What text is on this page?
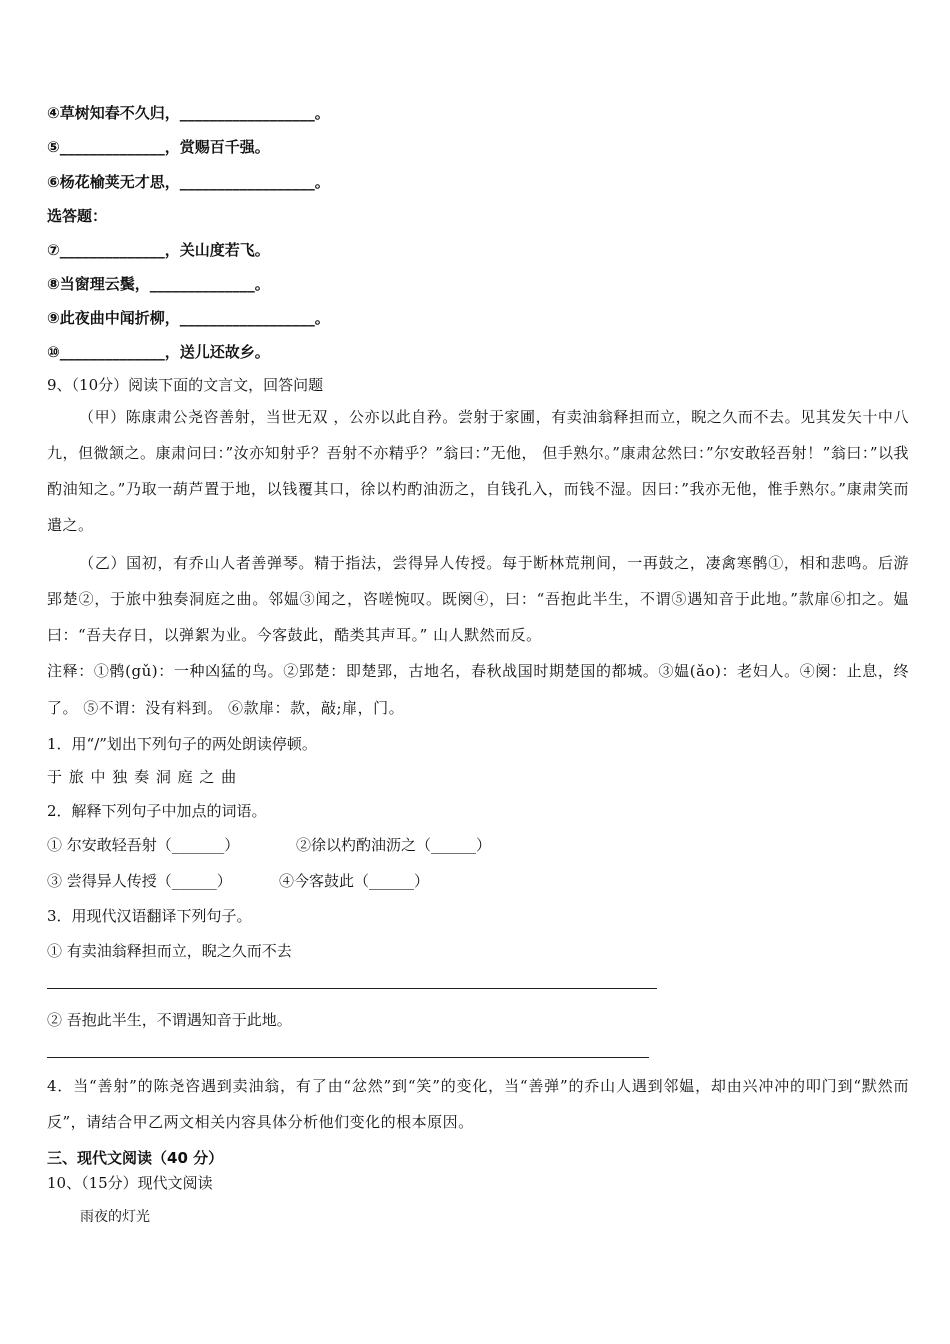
④草树知春不久归，__________________。
⑤______________，赏赐百千强。
⑥杨花榆荚无才思，__________________。
选答题：
⑦______________，关山度若飞。
⑧当窗理云鬓，______________。
⑨此夜曲中闻折柳，__________________。
⑩______________，送儿还故乡。
9、（10分）阅读下面的文言文，回答问题
（甲）陈康肃公尧咨善射，当世无双 ，公亦以此自矜。尝射于家圃，有卖油翁释担而立，睨之久而不去。见其发矢十中八九，但微颔之。康肃问曰：”汝亦知射乎？吾射不亦精乎？”翁曰：”无他， 但手熟尔。”康肃忿然曰：”尔安敢轻吾射！”翁曰：”以我酌油知之。”乃取一葫芦置于地，以钱覆其口，徐以杓酌油沥之，自钱孔入，而钱不湿。因曰：”我亦无他，惟手熟尔。”康肃笑而遣之。
（乙）国初，有乔山人者善弹琴。精于指法，尝得异人传授。每于断林荒荆间，一再鼓之，凄禽寒鹘①，相和悲鸣。后游郢楚②，于旅中独奏洞庭之曲。邻媪③闻之，咨嗟惋叹。既阕④，曰：“吾抱此半生，不谓⑤遇知音于此地。”款扉⑥扣之。媪曰：“吾夫存日，以弹絮为业。今客鼓此，酷类其声耳。” 山人默然而反。
注释：①鹘(gǔ)：一种凶猛的鸟。②郢楚：即楚郢，古地名，春秋战国时期楚国的都城。③媪(ǎo)：老妇人。④阕：止息，终了。 ⑤不谓：没有料到。 ⑥款扉：款，敲;扉，门。
1．用“/”划出下列句子的两处朗读停顿。
于 旅 中 独 奏 洞 庭 之 曲
2．解释下列句子中加点的词语。
① 尔安敢轻吾射（_______）	②徐以杓酌油沥之（______）
③ 尝得异人传授（______）	④今客鼓此（______）
3．用现代汉语翻译下列句子。
① 有卖油翁释担而立，睨之久而不去
② 吾抱此半生，不谓遇知音于此地。
4．当“善射”的陈尧咨遇到卖油翁，有了由“忿然”到“笑”的变化，当“善弹”的乔山人遇到邻媪，却由兴冲冲的叩门到“默然而反”，请结合甲乙两文相关内容具体分析他们变化的根本原因。
三、现代文阅读（40 分）
10、（15分）现代文阅读
雨夜的灯光
